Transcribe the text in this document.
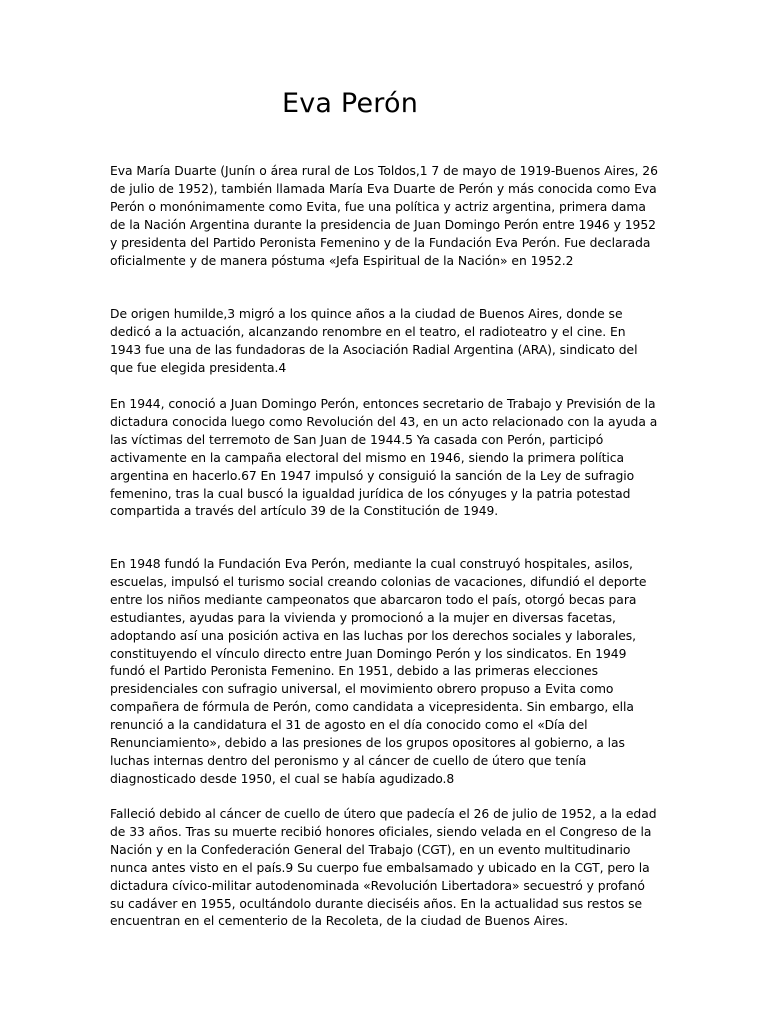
Eva Perón

Eva María Duarte (Junín o área rural de Los Toldos,1 7 de mayo de 1919-Buenos Aires, 26 de julio de 1952), también llamada María Eva Duarte de Perón y más conocida como Eva Perón o monónimamente como Evita, fue una política y actriz argentina, primera dama de la Nación Argentina durante la presidencia de Juan Domingo Perón entre 1946 y 1952 y presidenta del Partido Peronista Femenino y de la Fundación Eva Perón. Fue declarada oficialmente y de manera póstuma «Jefa Espiritual de la Nación» en 1952.2

De origen humilde,3 migró a los quince años a la ciudad de Buenos Aires, donde se dedicó a la actuación, alcanzando renombre en el teatro, el radioteatro y el cine. En 1943 fue una de las fundadoras de la Asociación Radial Argentina (ARA), sindicato del que fue elegida presidenta.4

En 1944, conoció a Juan Domingo Perón, entonces secretario de Trabajo y Previsión de la dictadura conocida luego como Revolución del 43, en un acto relacionado con la ayuda a las víctimas del terremoto de San Juan de 1944.5 Ya casada con Perón, participó activamente en la campaña electoral del mismo en 1946, siendo la primera política argentina en hacerlo.67 En 1947 impulsó y consiguió la sanción de la Ley de sufragio femenino, tras la cual buscó la igualdad jurídica de los cónyuges y la patria potestad compartida a través del artículo 39 de la Constitución de 1949.

En 1948 fundó la Fundación Eva Perón, mediante la cual construyó hospitales, asilos, escuelas, impulsó el turismo social creando colonias de vacaciones, difundió el deporte entre los niños mediante campeonatos que abarcaron todo el país, otorgó becas para estudiantes, ayudas para la vivienda y promocionó a la mujer en diversas facetas, adoptando así una posición activa en las luchas por los derechos sociales y laborales, constituyendo el vínculo directo entre Juan Domingo Perón y los sindicatos. En 1949 fundó el Partido Peronista Femenino. En 1951, debido a las primeras elecciones presidenciales con sufragio universal, el movimiento obrero propuso a Evita como compañera de fórmula de Perón, como candidata a vicepresidenta. Sin embargo, ella renunció a la candidatura el 31 de agosto en el día conocido como el «Día del Renunciamiento», debido a las presiones de los grupos opositores al gobierno, a las luchas internas dentro del peronismo y al cáncer de cuello de útero que tenía diagnosticado desde 1950, el cual se había agudizado.8

Falleció debido al cáncer de cuello de útero que padecía el 26 de julio de 1952, a la edad de 33 años. Tras su muerte recibió honores oficiales, siendo velada en el Congreso de la Nación y en la Confederación General del Trabajo (CGT), en un evento multitudinario nunca antes visto en el país.9 Su cuerpo fue embalsamado y ubicado en la CGT, pero la dictadura cívico-militar autodenominada «Revolución Libertadora» secuestró y profanó su cadáver en 1955, ocultándolo durante dieciséis años. En la actualidad sus restos se encuentran en el cementerio de la Recoleta, de la ciudad de Buenos Aires.
